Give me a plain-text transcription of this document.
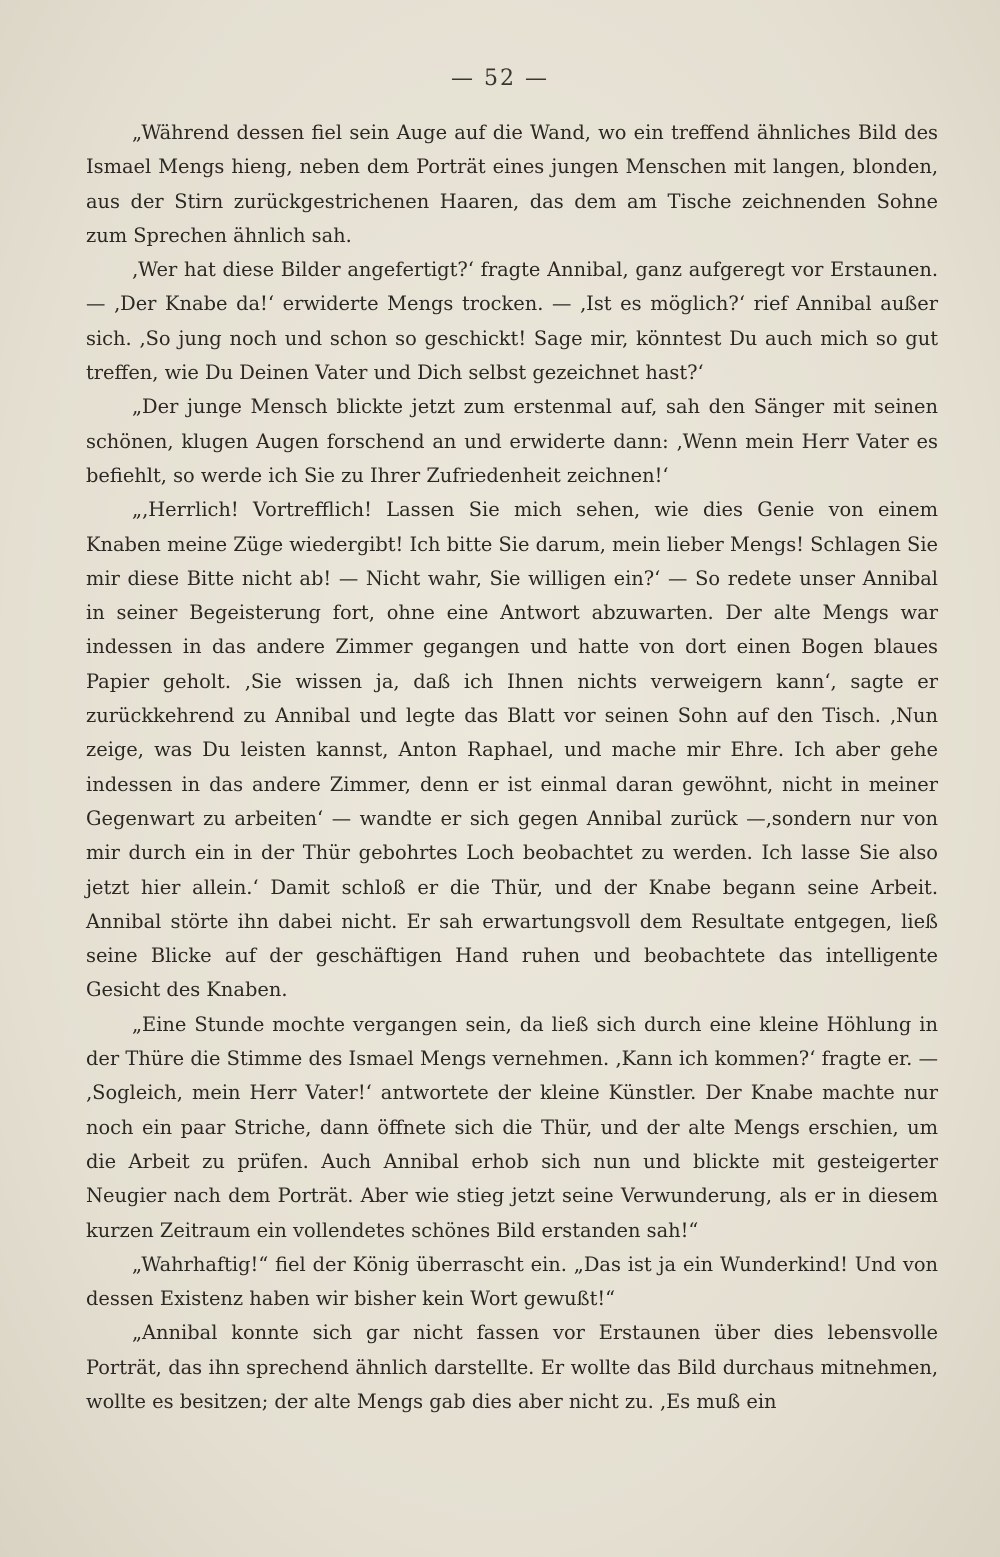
— 52 —

„Während dessen fiel sein Auge auf die Wand, wo ein treffend ähnliches Bild des Ismael Mengs hieng, neben dem Porträt eines jungen Menschen mit langen, blonden, aus der Stirn zurückgestrichenen Haaren, das dem am Tische zeichnenden Sohne zum Sprechen ähnlich sah.

‚Wer hat diese Bilder angefertigt?‘ fragte Annibal, ganz aufgeregt vor Erstaunen. — ‚Der Knabe da!‘ erwiderte Mengs trocken. — ‚Ist es möglich?‘ rief Annibal außer sich. ‚So jung noch und schon so geschickt! Sage mir, könntest Du auch mich so gut treffen, wie Du Deinen Vater und Dich selbst gezeichnet hast?‘

„Der junge Mensch blickte jetzt zum erstenmal auf, sah den Sänger mit seinen schönen, klugen Augen forschend an und erwiderte dann: ‚Wenn mein Herr Vater es befiehlt, so werde ich Sie zu Ihrer Zufriedenheit zeichnen!‘

„‚Herrlich! Vortrefflich! Lassen Sie mich sehen, wie dies Genie von einem Knaben meine Züge wiedergibt! Ich bitte Sie darum, mein lieber Mengs! Schlagen Sie mir diese Bitte nicht ab! — Nicht wahr, Sie willigen ein?‘ — So redete unser Annibal in seiner Begeisterung fort, ohne eine Antwort abzuwarten. Der alte Mengs war indessen in das andere Zimmer gegangen und hatte von dort einen Bogen blaues Papier geholt. ‚Sie wissen ja, daß ich Ihnen nichts verweigern kann‘, sagte er zurückkehrend zu Annibal und legte das Blatt vor seinen Sohn auf den Tisch. ‚Nun zeige, was Du leisten kannst, Anton Raphael, und mache mir Ehre. Ich aber gehe indessen in das andere Zimmer, denn er ist einmal daran gewöhnt, nicht in meiner Gegenwart zu arbeiten‘ — wandte er sich gegen Annibal zurück —‚sondern nur von mir durch ein in der Thür gebohrtes Loch beobachtet zu werden. Ich lasse Sie also jetzt hier allein.‘ Damit schloß er die Thür, und der Knabe begann seine Arbeit. Annibal störte ihn dabei nicht. Er sah erwartungsvoll dem Resultate entgegen, ließ seine Blicke auf der geschäftigen Hand ruhen und beobachtete das intelligente Gesicht des Knaben.

„Eine Stunde mochte vergangen sein, da ließ sich durch eine kleine Höhlung in der Thüre die Stimme des Ismael Mengs vernehmen. ‚Kann ich kommen?‘ fragte er. — ‚Sogleich, mein Herr Vater!‘ antwortete der kleine Künstler. Der Knabe machte nur noch ein paar Striche, dann öffnete sich die Thür, und der alte Mengs erschien, um die Arbeit zu prüfen. Auch Annibal erhob sich nun und blickte mit gesteigerter Neugier nach dem Porträt. Aber wie stieg jetzt seine Verwunderung, als er in diesem kurzen Zeitraum ein vollendetes schönes Bild erstanden sah!“

„Wahrhaftig!“ fiel der König überrascht ein. „Das ist ja ein Wunderkind! Und von dessen Existenz haben wir bisher kein Wort gewußt!“

„Annibal konnte sich gar nicht fassen vor Erstaunen über dies lebensvolle Porträt, das ihn sprechend ähnlich darstellte. Er wollte das Bild durchaus mitnehmen, wollte es besitzen; der alte Mengs gab dies aber nicht zu. ‚Es muß ein
